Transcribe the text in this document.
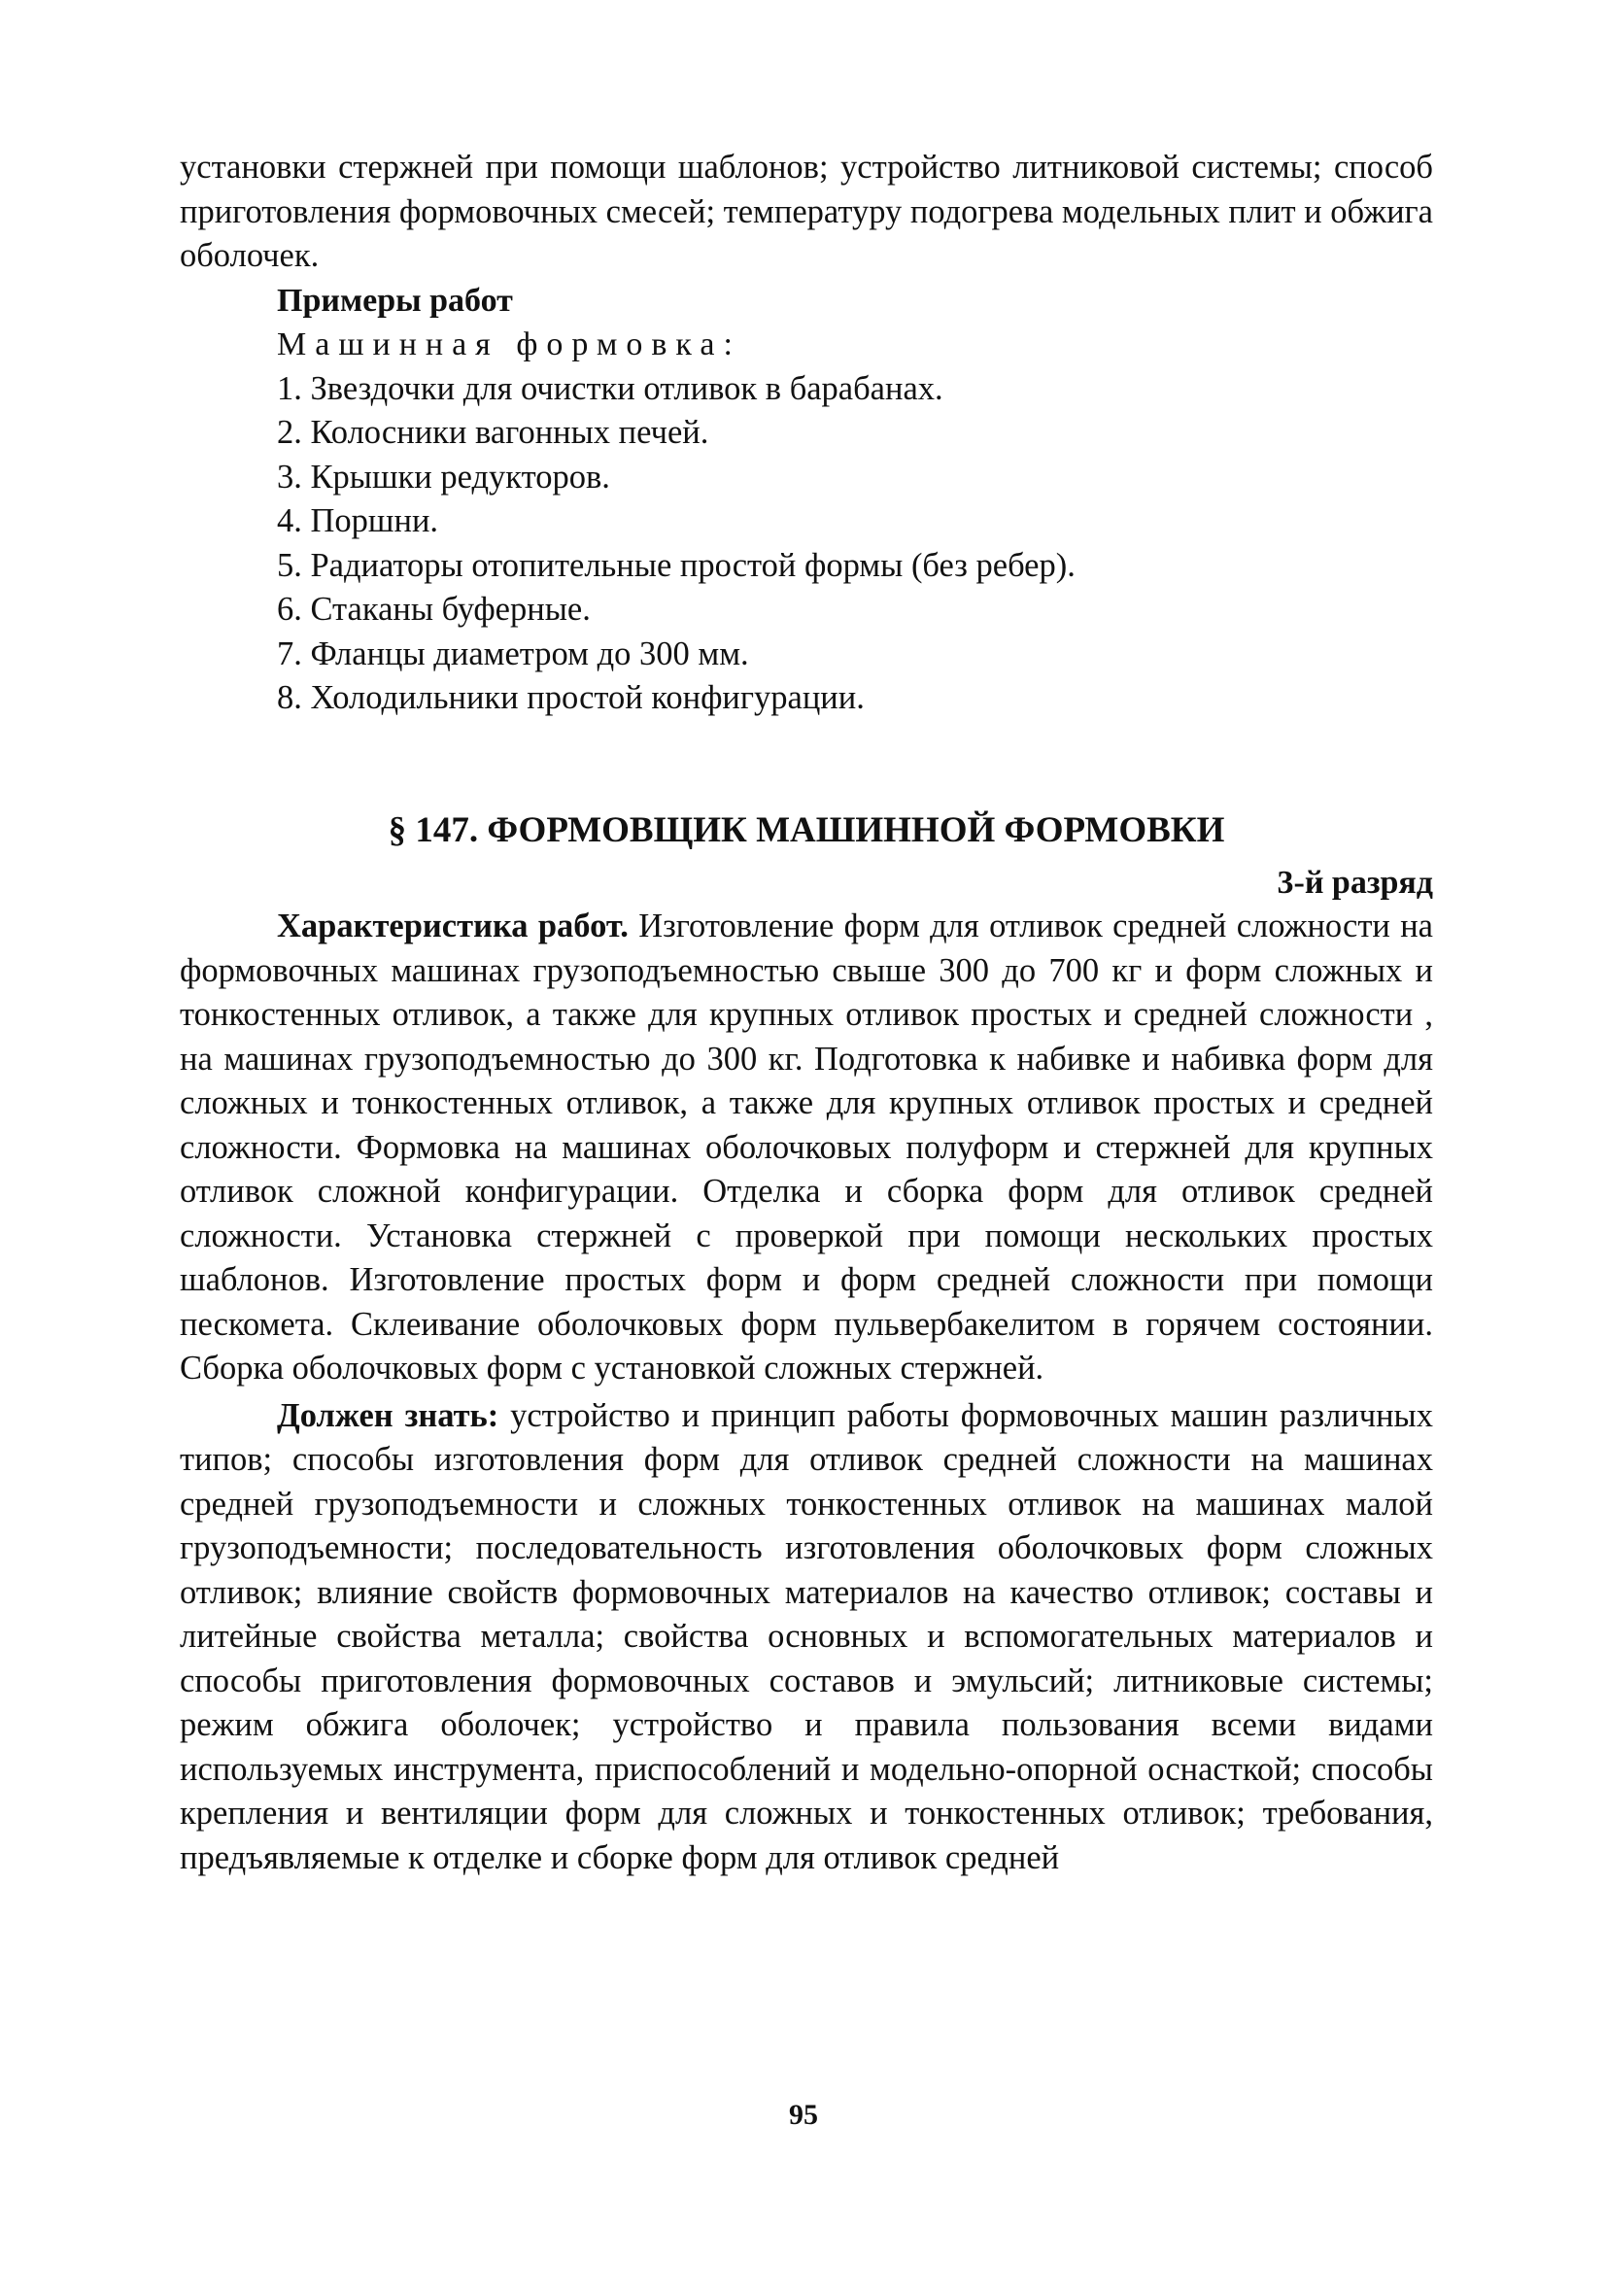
установки стержней при помощи шаблонов; устройство литниковой системы; способ приготовления формовочных смесей; температуру подогрева модельных плит и обжига оболочек.

Примеры работ

Машинная формовка:

1. Звездочки для очистки отливок в барабанах.
2. Колосники вагонных печей.
3. Крышки редукторов.
4. Поршни.
5. Радиаторы отопительные простой формы (без ребер).
6. Стаканы буферные.
7. Фланцы диаметром до 300 мм.
8. Холодильники простой конфигурации.
§ 147. ФОРМОВЩИК МАШИННОЙ ФОРМОВКИ

3-й разряд

Характеристика работ. Изготовление форм для отливок средней сложности на формовочных машинах грузоподъемностью свыше 300 до 700 кг и форм сложных и тонкостенных отливок, а также для крупных отливок простых и средней сложности , на машинах грузоподъемностью до 300 кг. Подготовка к набивке и набивка форм для сложных и тонкостенных отливок, а также для крупных отливок простых и средней сложности. Формовка на машинах оболочковых полуформ и стержней для крупных отливок сложной конфигурации. Отделка и сборка форм для отливок средней сложности. Установка стержней с проверкой при помощи нескольких простых шаблонов. Изготовление простых форм и форм средней сложности при помощи пескомета. Склеивание оболочковых форм пульвербакелитом в горячем состоянии. Сборка оболочковых форм с установкой сложных стержней.

Должен знать: устройство и принцип работы формовочных машин различных типов; способы изготовления форм для отливок средней сложности на машинах средней грузоподъемности и сложных тонкостенных отливок на машинах малой грузоподъемности; последовательность изготовления оболочковых форм сложных отливок; влияние свойств формовочных материалов на качество отливок; составы и литейные свойства металла; свойства основных и вспомогательных материалов и способы приготовления формовочных составов и эмульсий; литниковые системы; режим обжига оболочек; устройство и правила пользования всеми видами используемых инструмента, приспособлений и модельно-опорной оснасткой; способы крепления и вентиляции форм для сложных и тонкостенных отливок; требования, предъявляемые к отделке и сборке форм для отливок средней

95
